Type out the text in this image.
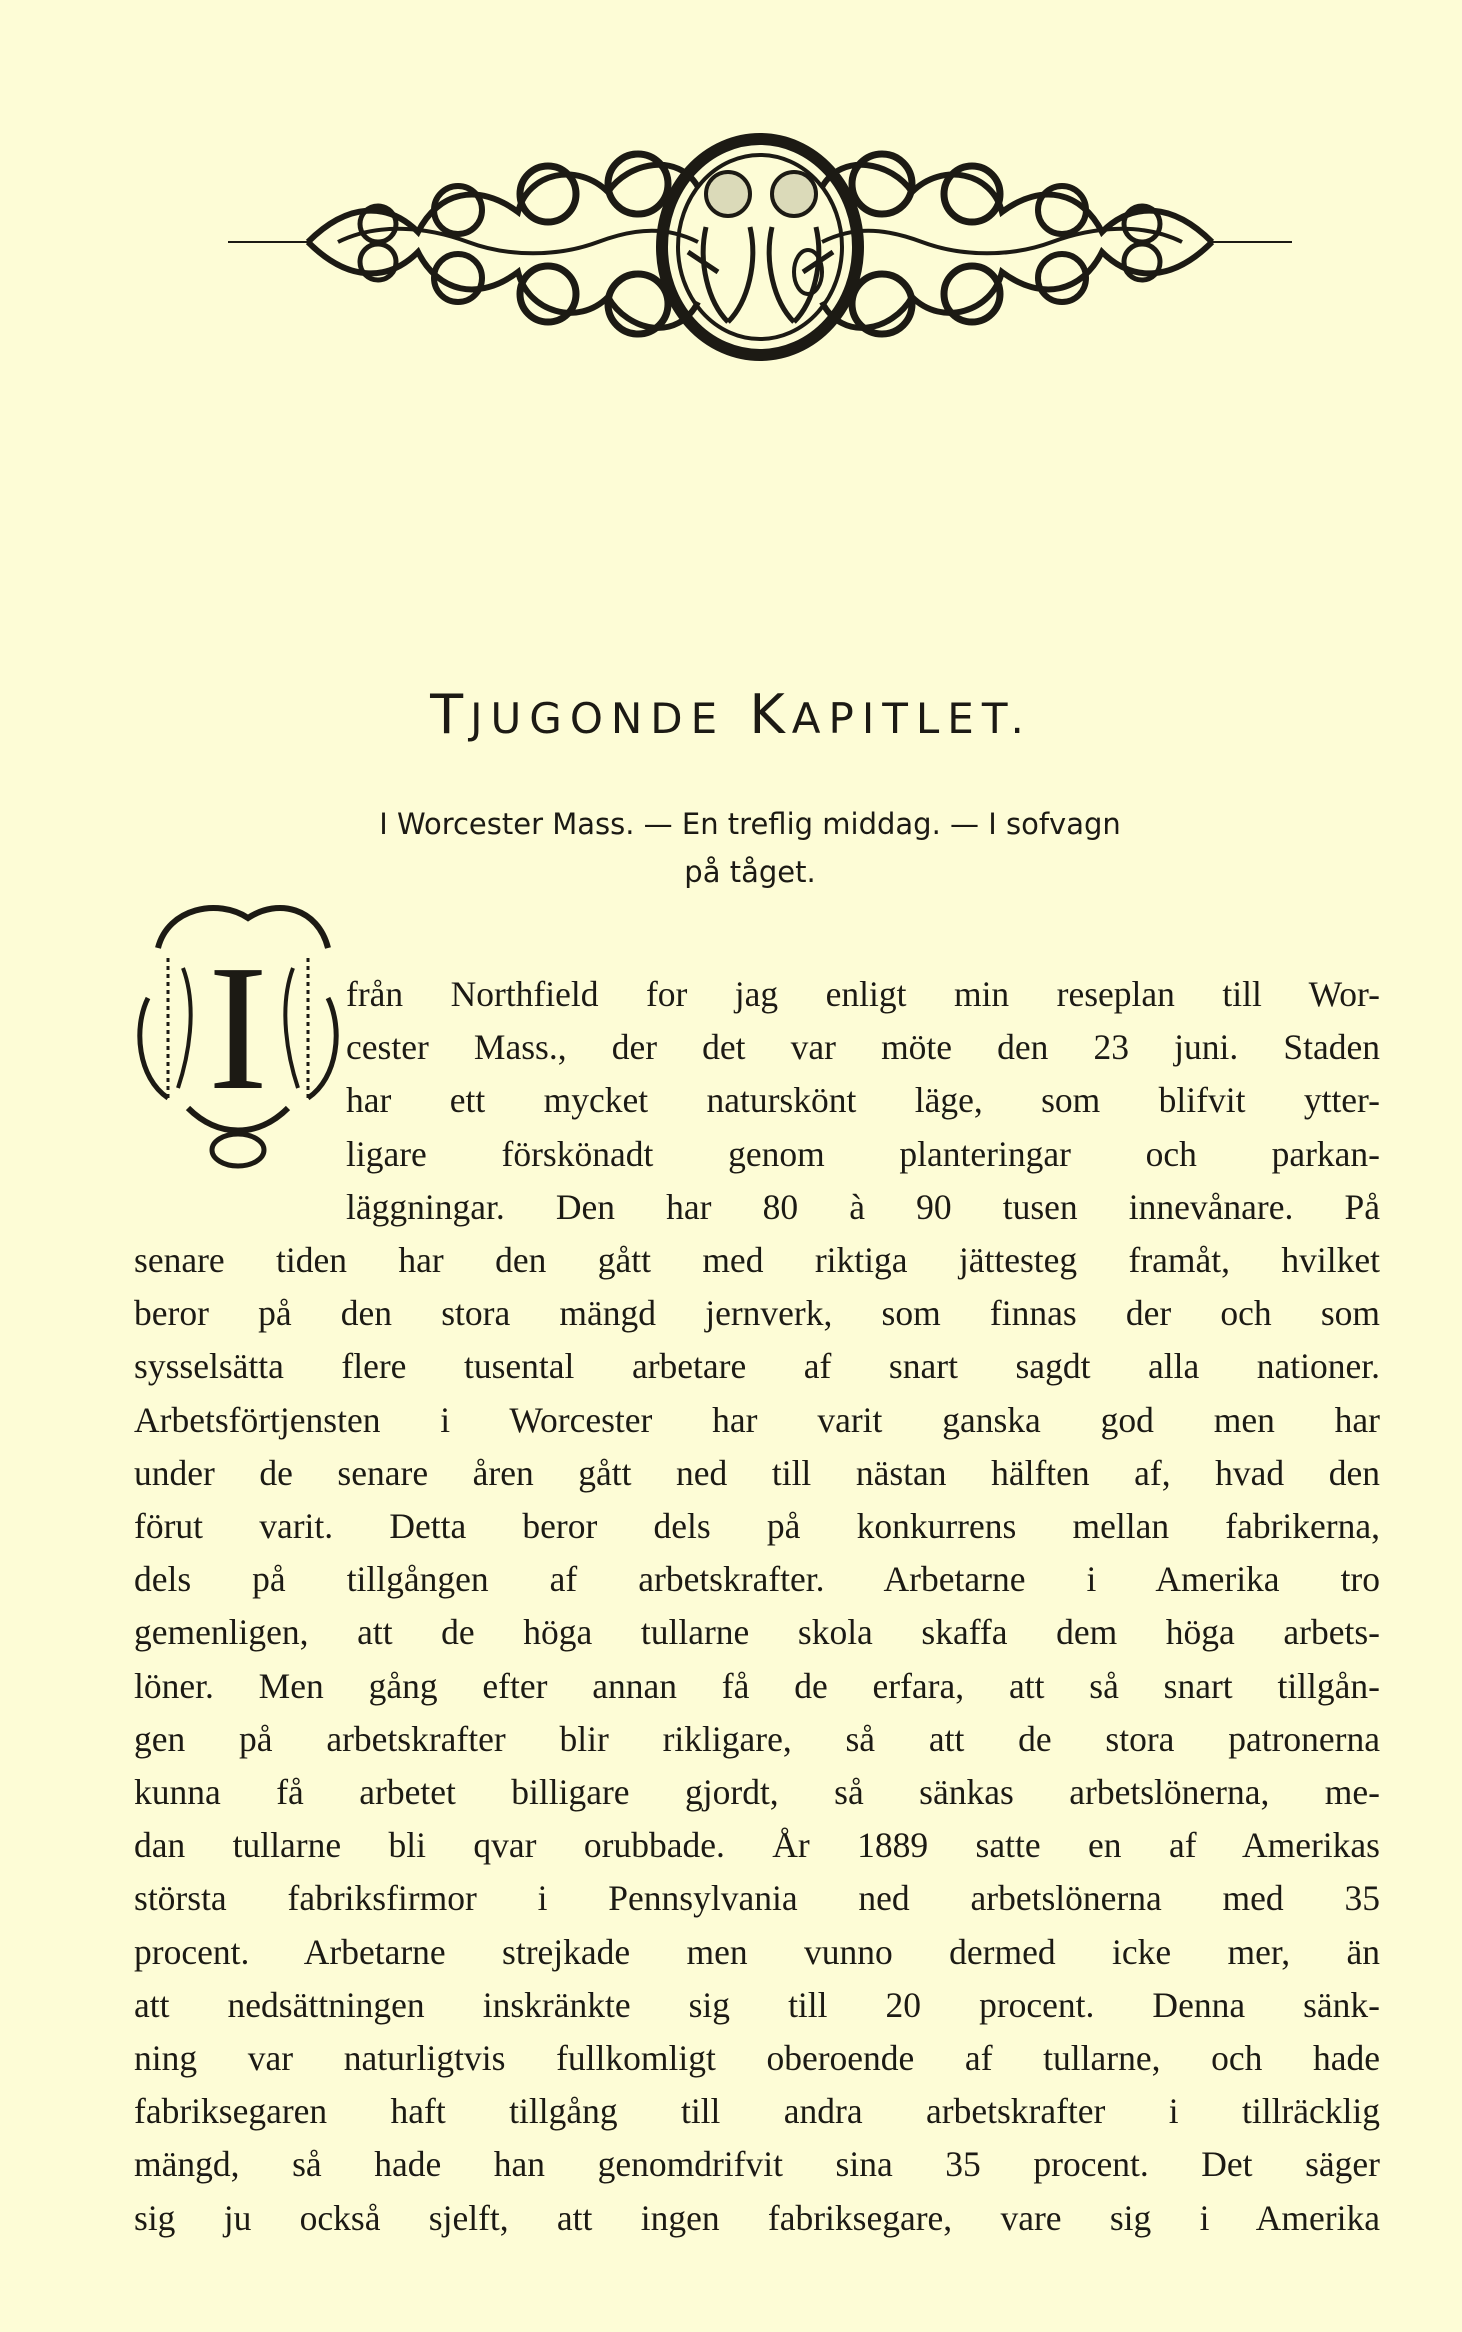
TJUGONDE KAPITLET.

I Worcester Mass. — En treflig middag. — I sofvagn
på tåget.

I från Northfield for jag enligt min reseplan till Wor-
cester Mass., der det var möte den 23 juni. Staden
har ett mycket naturskönt läge, som blifvit ytter-
ligare förskönadt genom planteringar och parkan-
läggningar. Den har 80 à 90 tusen innevånare. På
senare tiden har den gått med riktiga jättesteg framåt, hvilket
beror på den stora mängd jernverk, som finnas der och som
sysselsätta flere tusental arbetare af snart sagdt alla nationer.
Arbetsförtjensten i Worcester har varit ganska god men har
under de senare åren gått ned till nästan hälften af, hvad den
förut varit. Detta beror dels på konkurrens mellan fabrikerna,
dels på tillgången af arbetskrafter. Arbetarne i Amerika tro
gemenligen, att de höga tullarne skola skaffa dem höga arbets-
löner. Men gång efter annan få de erfara, att så snart tillgån-
gen på arbetskrafter blir rikligare, så att de stora patronerna
kunna få arbetet billigare gjordt, så sänkas arbetslönerna, me-
dan tullarne bli qvar orubbade. År 1889 satte en af Amerikas
största fabriksfirmor i Pennsylvania ned arbetslönerna med 35
procent. Arbetarne strejkade men vunno dermed icke mer, än
att nedsättningen inskränkte sig till 20 procent. Denna sänk-
ning var naturligtvis fullkomligt oberoende af tullarne, och hade
fabriksegaren haft tillgång till andra arbetskrafter i tillräcklig
mängd, så hade han genomdrifvit sina 35 procent. Det säger
sig ju också sjelft, att ingen fabriksegare, vare sig i Amerika
